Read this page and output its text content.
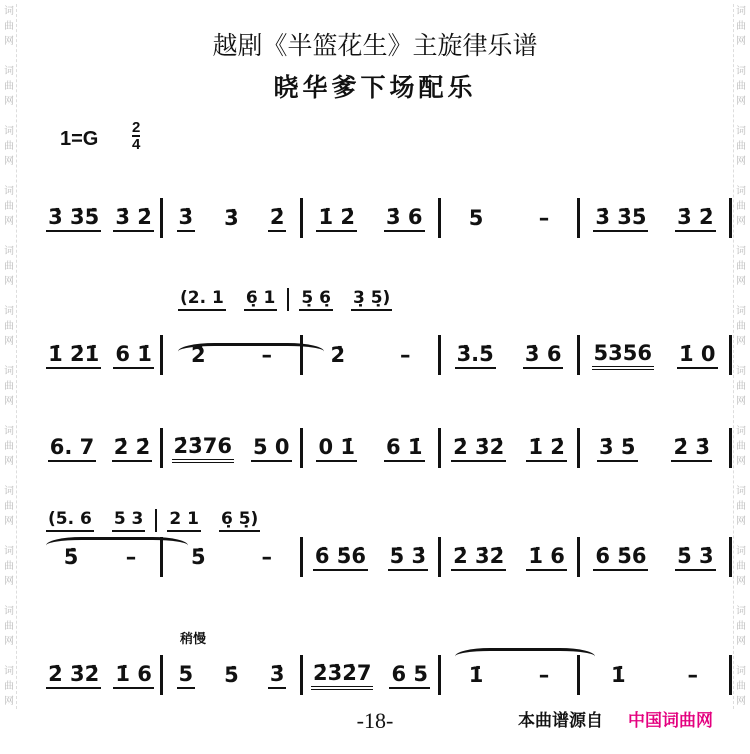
词
曲
网

词
曲
网

词
曲
网

词
曲
网

词
曲
网

词
曲
网

词
曲
网

词
曲
网

词
曲
网

词
曲
网

词
曲
网

词
曲
网
词
曲
网

词
曲
网

词
曲
网

词
曲
网

词
曲
网

词
曲
网

词
曲
网

词
曲
网

词
曲
网

词
曲
网

词
曲
网

词
曲
网
越剧《半篮花生》主旋律乐谱
晓华爹下场配乐
$1=G \frac{2}{4}$
3̇ 3̇5̇ 3̇ 2̇ 3̇ 3̇ 2̇ 1̇ 2̇ 3̇ 6 5	– 3̇ 3̇5̇ 3̇ 2̇
1̇ 2̇1̇ 6 1̇ 2̇	–	2̇	– 3̇.5̇ 3̇ 6 5356 1̇ 0
(2. 1 6̣ 1 5̣ 6̣ 3̣ 5̣)
6. 7 2̇ 2̇ 2̇3̇76 5 0 0 1̇ 6 1̇ 2̇ 3̇2̇ 1̇ 2̇ 3̇ 5̇ 2̇ 3̇
5̇ –	5̇	– 6̇ 5̇6̇ 5̇ 3̇ 2̇ 3̇2̇ 1̇ 6 6̇ 5̇6̇ 5̇ 3̇
(5. 6 5 3 2 1 6̣ 5̣)
2̇ 3̇2̇ 1̇ 6 5 5̇ 3̇ 2̇3̇2̇7 6 5 1̇	–	1̇	–
稍慢
-18-	本曲谱源自 中国词曲网
